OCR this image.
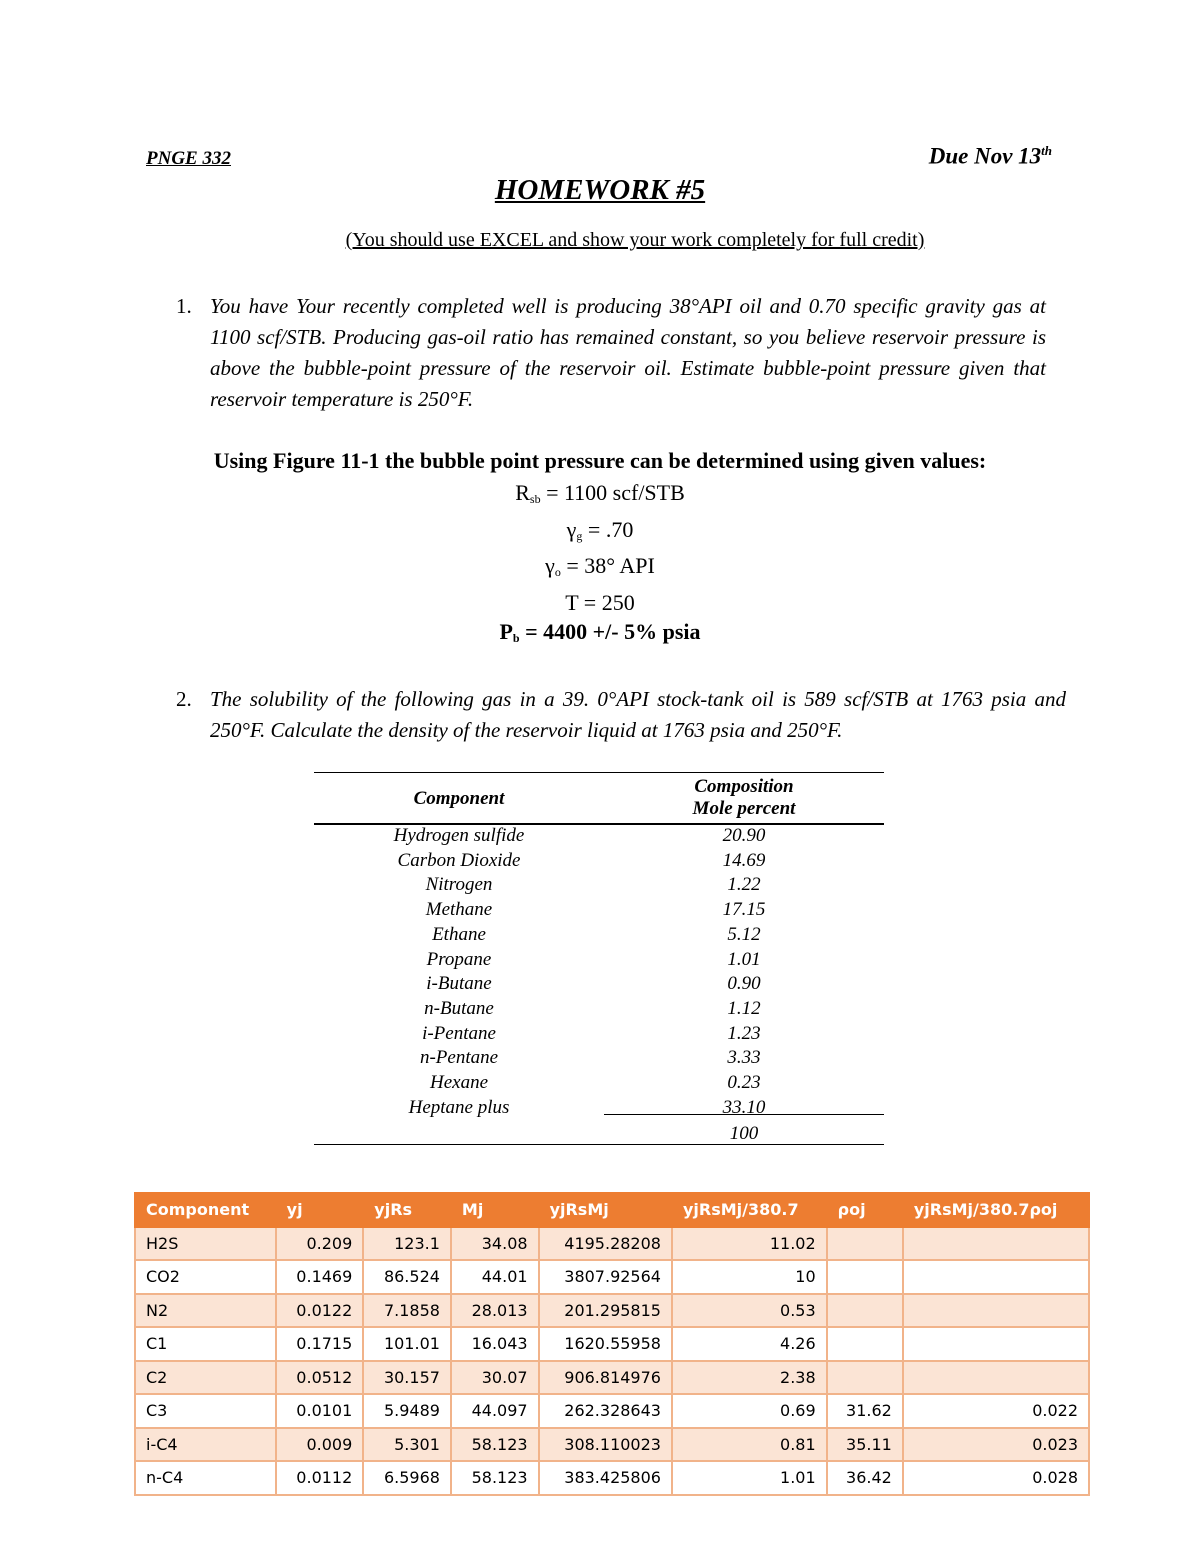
PNGE 332	Due Nov 13th
HOMEWORK #5
(You should use EXCEL and show your work completely for full credit)
1. You have Your recently completed well is producing 38°API oil and 0.70 specific gravity gas at 1100 scf/STB. Producing gas-oil ratio has remained constant, so you believe reservoir pressure is above the bubble-point pressure of the reservoir oil. Estimate bubble-point pressure given that reservoir temperature is 250°F.
Using Figure 11-1 the bubble point pressure can be determined using given values:
$R_{sb} = 1100$ scf/STB
$\gamma_g = .70$
$\gamma_o = 38^\circ$ API
T = 250
$P_b = 4400$ +/- 5% psia
2. The solubility of the following gas in a 39. 0°API stock-tank oil is 589 scf/STB at 1763 psia and 250°F. Calculate the density of the reservoir liquid at 1763 psia and 250°F.
Component
Composition
Mole percent
Hydrogen sulfide	20.90
Carbon Dioxide	14.69
Nitrogen	1.22
Methane	17.15
Ethane	5.12
Propane	1.01
i-Butane	0.90
n-Butane	1.12
i-Pentane	1.23
n-Pentane	3.33
Hexane	0.23
Heptane plus	33.10
100
Component	yj	yjRs	Mj	yjRsMj	yjRsMj/380.7	ρoj	yjRsMj/380.7ρoj
H2S	0.209	123.1	34.08	4195.28208	11.02		
CO2	0.1469	86.524	44.01	3807.92564	10		
N2	0.0122	7.1858	28.013	201.295815	0.53		
C1	0.1715	101.01	16.043	1620.55958	4.26		
C2	0.0512	30.157	30.07	906.814976	2.38		
C3	0.0101	5.9489	44.097	262.328643	0.69	31.62	0.022
i-C4	0.009	5.301	58.123	308.110023	0.81	35.11	0.023
n-C4	0.0112	6.5968	58.123	383.425806	1.01	36.42	0.028
